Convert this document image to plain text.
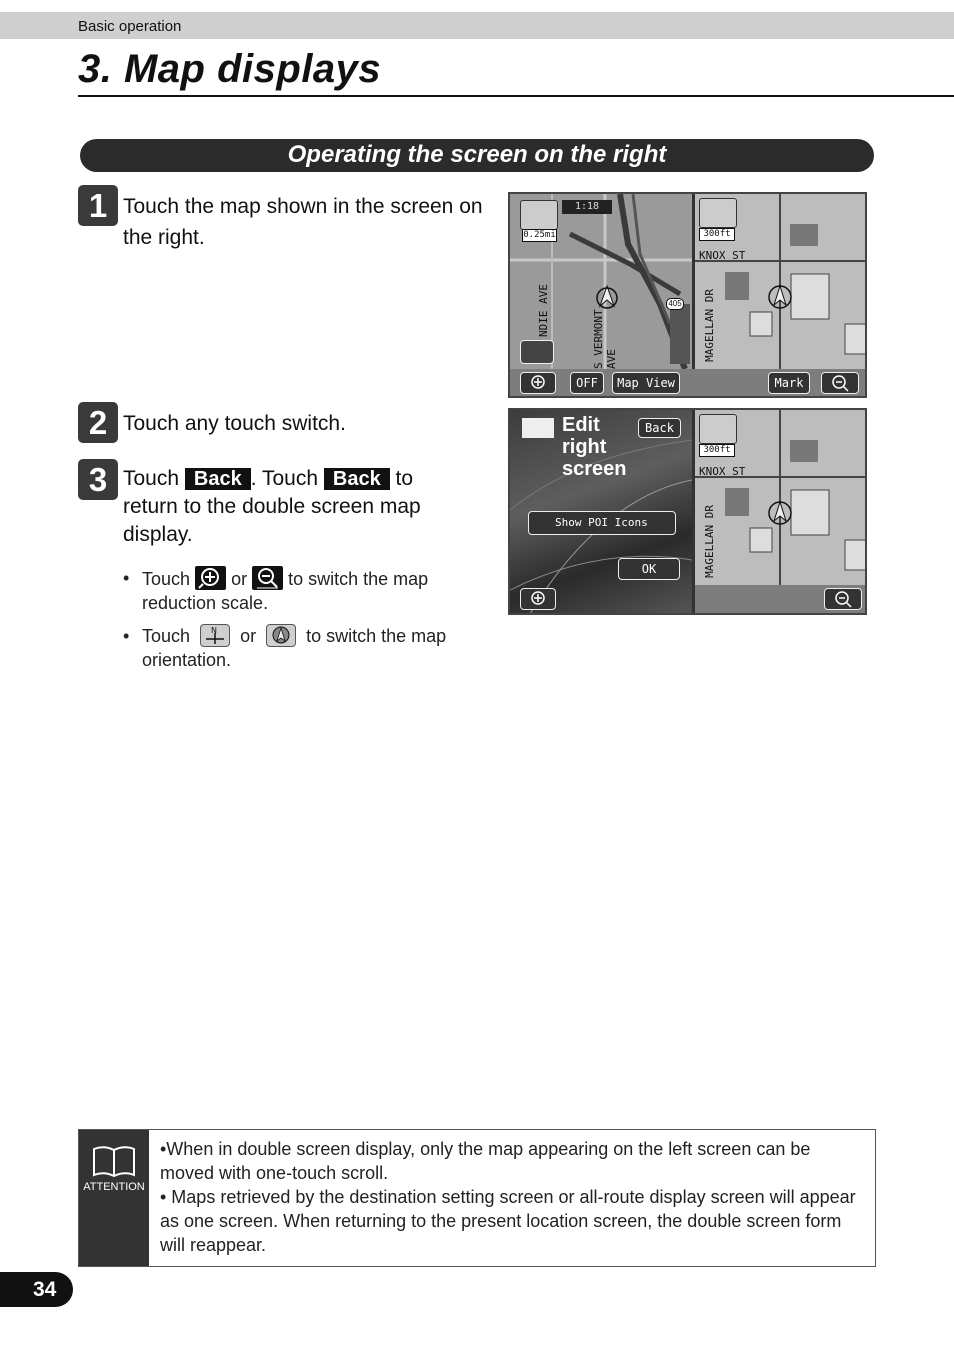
Basic operation
3. Map displays
Operating the screen on the right
1 Touch the map shown in the screen on the right.
2 Touch any touch switch.
3 Touch Back . Touch Back to return to the double screen map display.
• Touch or to switch the map reduction scale.
• Touch	N or	to switch the map orientation.
0.25mi
1:18
NDIE AVE	S VERMONT AVE
405
300ft
KNOX ST
MAGELLAN DR
OFF	Map View	Mark
Edit
right
screen
Back
Show POI Icons
OK
300ft
KNOX ST
MAGELLAN DR
ATTENTION
•When in double screen display, only the map appearing on the left screen can be moved with one-touch scroll.
• Maps retrieved by the destination setting screen or all-route display screen will appear as one screen. When returning to the present location screen, the double screen form will reappear.
34
